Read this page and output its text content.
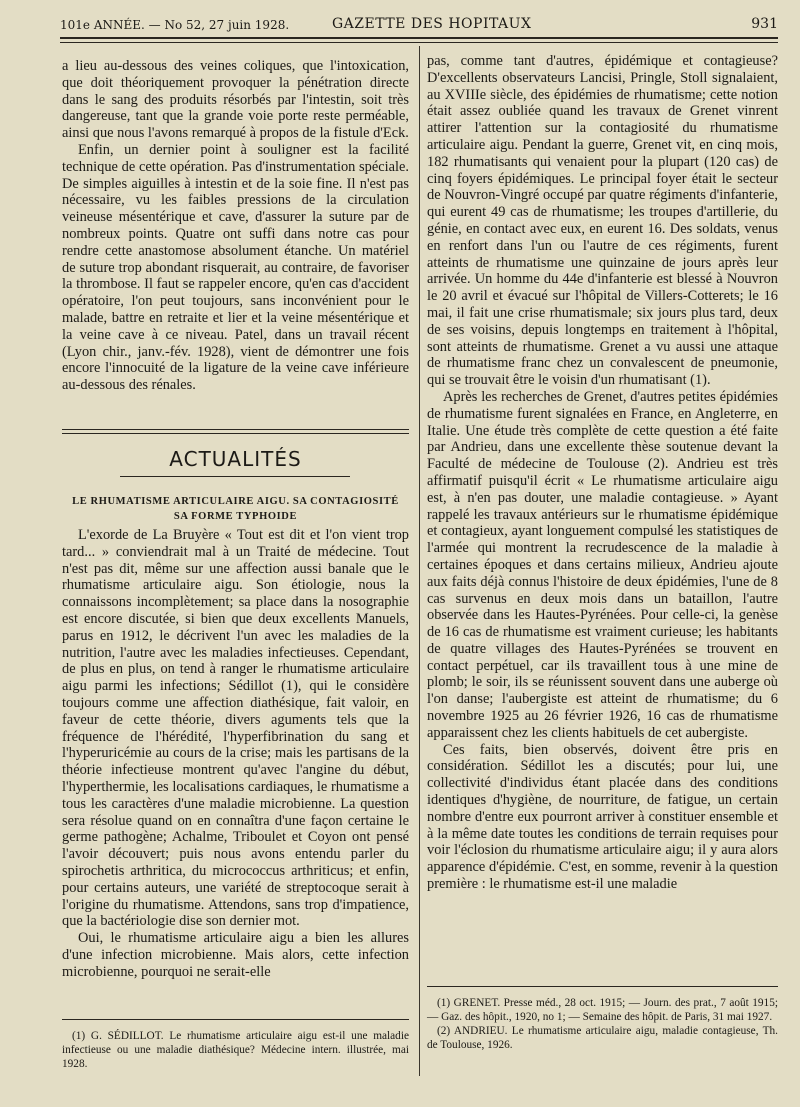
101e ANNÉE. — No 52, 27 juin 1928.	GAZETTE DES HOPITAUX	931

a lieu au-dessous des veines coliques, que l'intoxication, que doit théoriquement provoquer la pénétration directe dans le sang des produits résorbés par l'intestin, soit très dangereuse, tant que la grande voie porte reste perméable, ainsi que nous l'avons remarqué à propos de la fistule d'Eck.

Enfin, un dernier point à souligner est la facilité technique de cette opération. Pas d'instrumentation spéciale. De simples aiguilles à intestin et de la soie fine. Il n'est pas nécessaire, vu les faibles pressions de la circulation veineuse mésentérique et cave, d'assurer la suture par de nombreux points. Quatre ont suffi dans notre cas pour rendre cette anastomose absolument étanche. Un matériel de suture trop abondant risquerait, au contraire, de favoriser la thrombose. Il faut se rappeler encore, qu'en cas d'accident opératoire, l'on peut toujours, sans inconvénient pour le malade, battre en retraite et lier et la veine mésentérique et la veine cave à ce niveau. Patel, dans un travail récent (Lyon chir., janv.-fév. 1928), vient de démontrer une fois encore l'innocuité de la ligature de la veine cave inférieure au-dessous des rénales.

ACTUALITÉS
LE RHUMATISME ARTICULAIRE AIGU. SA CONTAGIOSITÉ
SA FORME TYPHOIDE

L'exorde de La Bruyère « Tout est dit et l'on vient trop tard... » conviendrait mal à un Traité de médecine. Tout n'est pas dit, même sur une affection aussi banale que le rhumatisme articulaire aigu. Son étiologie, nous la connaissons incomplètement; sa place dans la nosographie est encore discutée, si bien que deux excellents Manuels, parus en 1912, le décrivent l'un avec les maladies de la nutrition, l'autre avec les maladies infectieuses. Cependant, de plus en plus, on tend à ranger le rhumatisme articulaire aigu parmi les infections; Sédillot (1), qui le considère toujours comme une affection diathésique, fait valoir, en faveur de cette théorie, divers aguments tels que la fréquence de l'hérédité, l'hyperfibrination du sang et l'hyperuricémie au cours de la crise; mais les partisans de la théorie infectieuse montrent qu'avec l'angine du début, l'hyperthermie, les localisations cardiaques, le rhumatisme a tous les caractères d'une maladie microbienne. La question sera résolue quand on en connaîtra d'une façon certaine le germe pathogène; Achalme, Triboulet et Coyon ont pensé l'avoir découvert; puis nous avons entendu parler du spirochetis arthritica, du micrococcus arthriticus; et enfin, pour certains auteurs, une variété de streptocoque serait à l'origine du rhumatisme. Attendons, sans trop d'impatience, que la bactériologie dise son dernier mot.

Oui, le rhumatisme articulaire aigu a bien les allures d'une infection microbienne. Mais alors, cette infection microbienne, pourquoi ne serait-elle

pas, comme tant d'autres, épidémique et contagieuse? D'excellents observateurs Lancisi, Pringle, Stoll signalaient, au XVIIIe siècle, des épidémies de rhumatisme; cette notion était assez oubliée quand les travaux de Grenet vinrent attirer l'attention sur la contagiosité du rhumatisme articulaire aigu. Pendant la guerre, Grenet vit, en cinq mois, 182 rhumatisants qui venaient pour la plupart (120 cas) de cinq foyers épidémiques. Le principal foyer était le secteur de Nouvron-Vingré occupé par quatre régiments d'infanterie, qui eurent 49 cas de rhumatisme; les troupes d'artillerie, du génie, en contact avec eux, en eurent 16. Des soldats, venus en renfort dans l'un ou l'autre de ces régiments, furent atteints de rhumatisme une quinzaine de jours après leur arrivée. Un homme du 44e d'infanterie est blessé à Nouvron le 20 avril et évacué sur l'hôpital de Villers-Cotterets; le 16 mai, il fait une crise rhumatismale; six jours plus tard, deux de ses voisins, depuis longtemps en traitement à l'hôpital, sont atteints de rhumatisme. Grenet a vu aussi une attaque de rhumatisme franc chez un convalescent de pneumonie, qui se trouvait être le voisin d'un rhumatisant (1).

Après les recherches de Grenet, d'autres petites épidémies de rhumatisme furent signalées en France, en Angleterre, en Italie. Une étude très complète de cette question a été faite par Andrieu, dans une excellente thèse soutenue devant la Faculté de médecine de Toulouse (2). Andrieu est très affirmatif puisqu'il écrit « Le rhumatisme articulaire aigu est, à n'en pas douter, une maladie contagieuse. » Ayant rappelé les travaux antérieurs sur le rhumatisme épidémique et contagieux, ayant longuement compulsé les statistiques de l'armée qui montrent la recrudescence de la maladie à certaines époques et dans certains milieux, Andrieu ajoute aux faits déjà connus l'histoire de deux épidémies, l'une de 8 cas survenus en deux mois dans un bataillon, l'autre observée dans les Hautes-Pyrénées. Pour celle-ci, la genèse de 16 cas de rhumatisme est vraiment curieuse; les habitants de quatre villages des Hautes-Pyrénées se trouvent en contact perpétuel, car ils travaillent tous à une mine de plomb; le soir, ils se réunissent souvent dans une auberge où l'on danse; l'aubergiste est atteint de rhumatisme; du 6 novembre 1925 au 26 février 1926, 16 cas de rhumatisme apparaissent chez les clients habituels de cet aubergiste.

Ces faits, bien observés, doivent être pris en considération. Sédillot les a discutés; pour lui, une collectivité d'individus étant placée dans des conditions identiques d'hygiène, de nourriture, de fatigue, un certain nombre d'entre eux pourront arriver à constituer ensemble et à la même date toutes les conditions de terrain requises pour voir l'éclosion du rhumatisme articulaire aigu; il y aura alors apparence d'épidémie. C'est, en somme, revenir à la question première : le rhumatisme est-il une maladie

(1) G. SÉDILLOT. Le rhumatisme articulaire aigu est-il une maladie infectieuse ou une maladie diathésique? Médecine intern. illustrée, mai 1928.

(1) GRENET. Presse méd., 28 oct. 1915; — Journ. des prat., 7 août 1915; — Gaz. des hôpit., 1920, no 1; — Semaine des hôpit. de Paris, 31 mai 1927.

(2) ANDRIEU. Le rhumatisme articulaire aigu, maladie contagieuse, Th. de Toulouse, 1926.
